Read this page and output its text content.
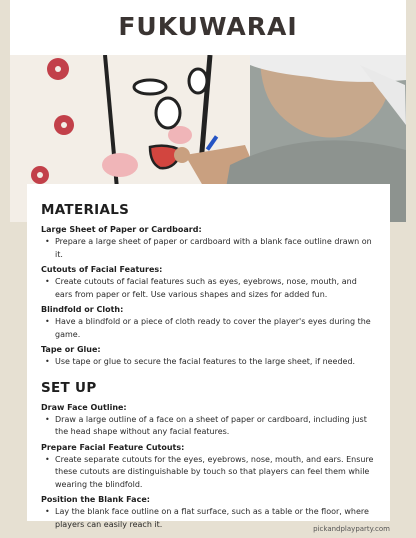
FUKUWARAI
MATERIALS
Large Sheet of Paper or Cardboard:
• Prepare a large sheet of paper or cardboard with a blank face outline drawn on it.
Cutouts of Facial Features:
• Create cutouts of facial features such as eyes, eyebrows, nose, mouth, and ears from paper or felt. Use various shapes and sizes for added fun.
Blindfold or Cloth:
• Have a blindfold or a piece of cloth ready to cover the player's eyes during the game.
Tape or Glue:
• Use tape or glue to secure the facial features to the large sheet, if needed.
SET UP
Draw Face Outline:
• Draw a large outline of a face on a sheet of paper or cardboard, including just the head shape without any facial features.
Prepare Facial Feature Cutouts:
• Create separate cutouts for the eyes, eyebrows, nose, mouth, and ears. Ensure these cutouts are distinguishable by touch so that players can feel them while wearing the blindfold.
Position the Blank Face:
• Lay the blank face outline on a flat surface, such as a table or the floor, where players can easily reach it.
pickandplayparty.com
